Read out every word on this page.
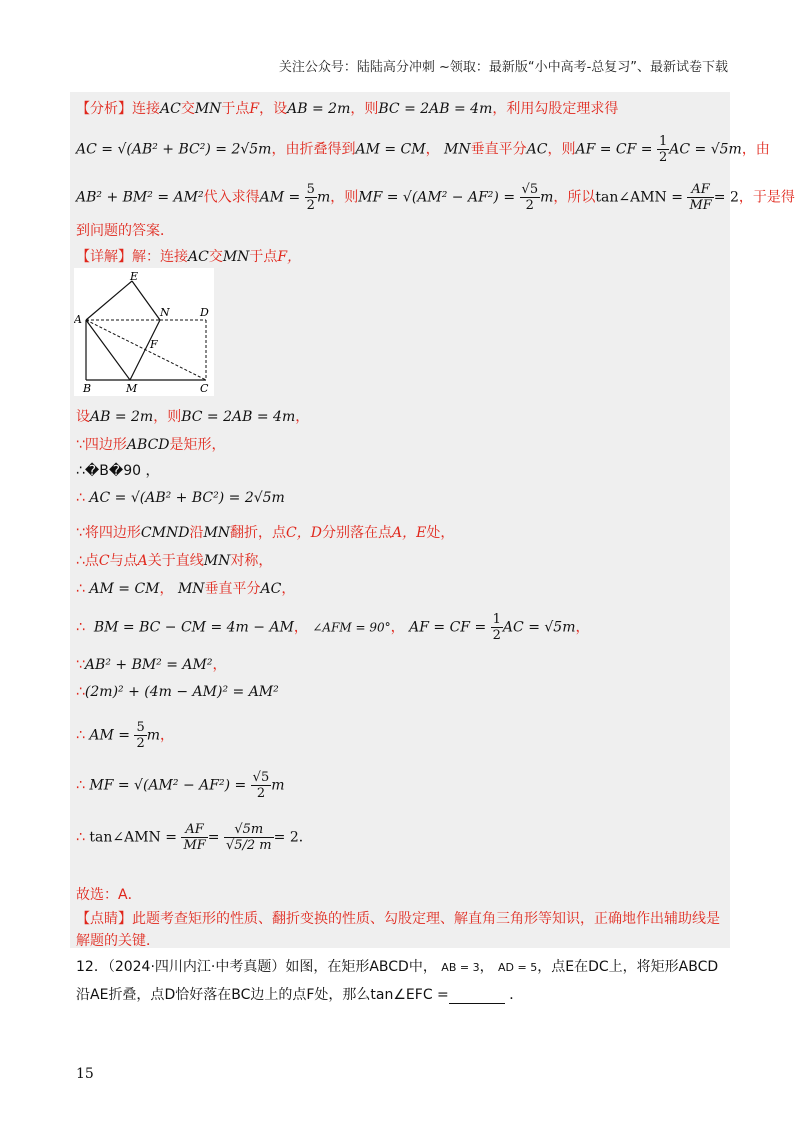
关注公众号：陆陆高分冲刺 ~领取：最新版“小中高考-总复习”、最新试卷下载
【分析】连接AC交MN于点F，设AB = 2m，则BC = 2AB = 4m，利用勾股定理求得
AC = √(AB² + BC²) = 2√5m，由折叠得到AM = CM， MN垂直平分AC，则AF = CF = $\frac{1}{2}$ AC = √5m，由
AB² + BM² = AM²代入求得AM = $\frac{5}{2}$ m，则MF = $√(AM^2 - AF^2) = \frac{√5}{2}$ m，所以tan∠AMN = $\frac{AF}{MF} = 2$，于是得
到问题的答案．
【详解】解：连接AC交MN于点F，
E
A
N	D
F
B	M	C
设AB = 2m，则BC = 2AB = 4m，
∵四边形ABCD是矩形，
∴�B�90 ，
∴ AC = √(AB² + BC²) = 2√5m
∵将四边形CMND沿MN翻折，点C，D分别落在点A，E处，
∴点C与点A关于直线MN对称，
∴ AM = CM， MN垂直平分AC，
∴ BM = BC − CM = 4m − AM， ∠AFM = 90°， AF = CF = $\frac{1}{2}$ AC = √5m，
∵AB² + BM² = AM²，
∴(2m)² + (4m − AM)² = AM²
∴ AM = $\frac{5}{2}$ m，
∴ MF = $√(AM^2 - AF^2) = \frac{√5}{2}$ m
∴ tan∠AMN = $\frac{AF}{MF} = \frac{√5m}{√5/2 m} = 2$．
故选：A．
【点睛】此题考查矩形的性质、翻折变换的性质、勾股定理、解直角三角形等知识，正确地作出辅助线是
解题的关键．
12．（2024·四川内江·中考真题）如图，在矩形ABCD中， AB = 3， AD = 5，点E在DC上，将矩形ABCD
沿AE折叠，点D恰好落在BC边上的点F处，那么tan∠EFC =	．
15
